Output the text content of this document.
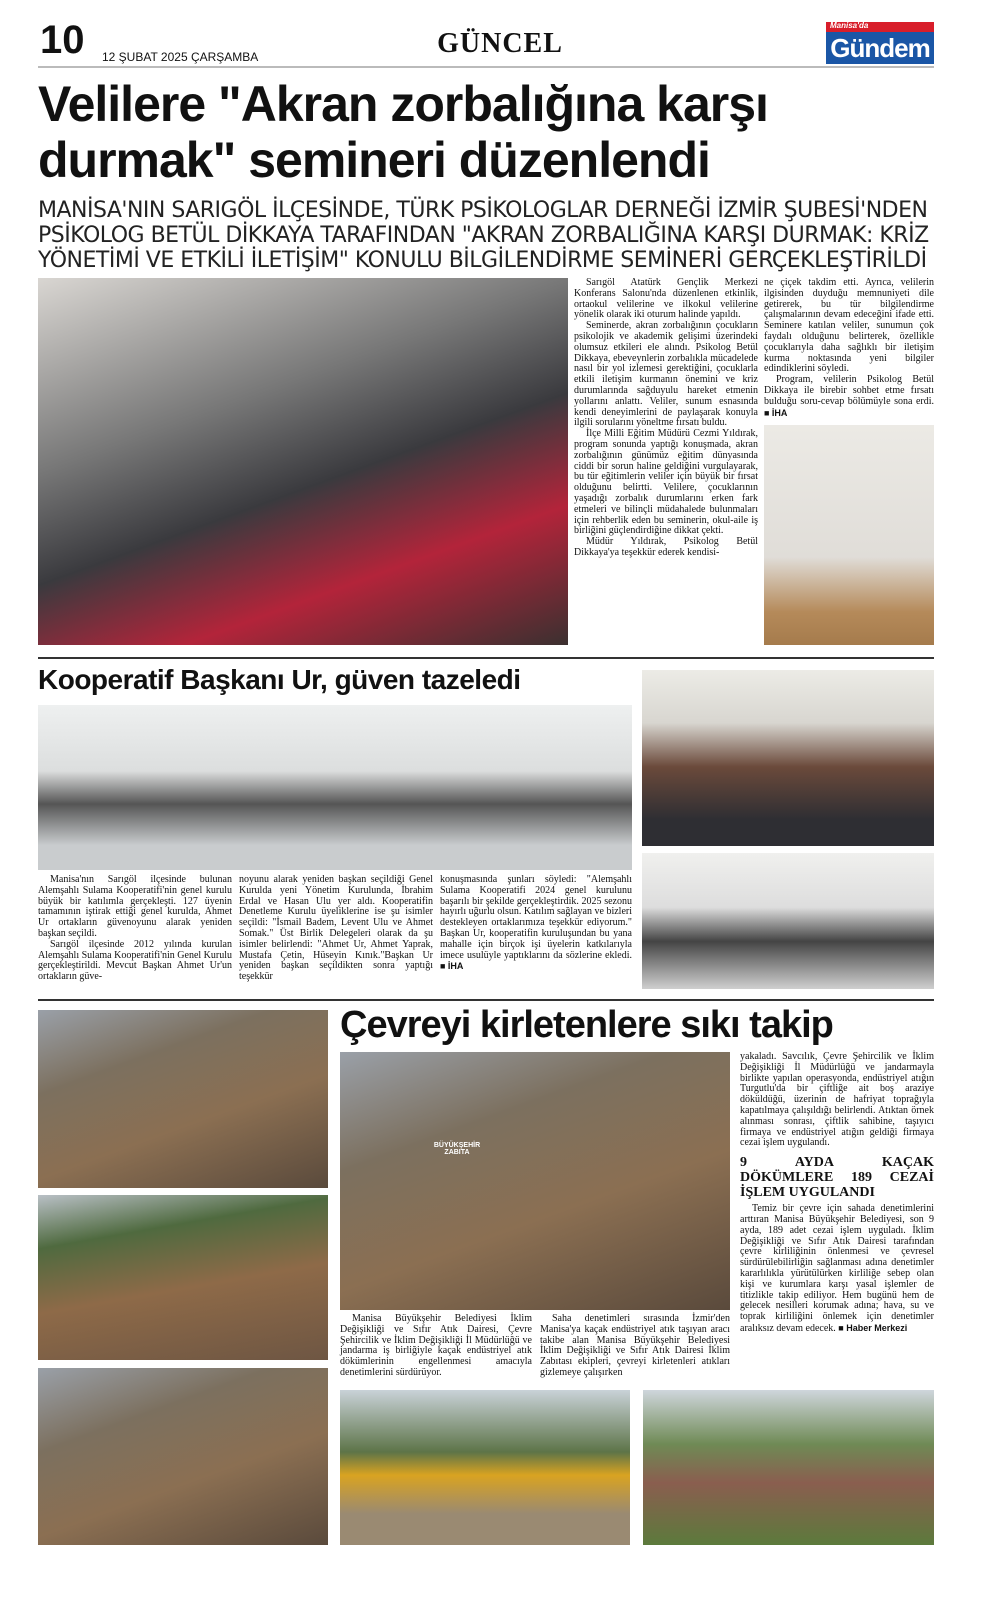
10 12 ŞUBAT 2025 ÇARŞAMBA	GÜNCEL
Manisa'da
Gündem
Velilere "Akran zorbalığına karşı durmak" semineri düzenlendi
MANİSA'NIN SARIGÖL İLÇESİNDE, TÜRK PSİKOLOGLAR DERNEĞİ İZMİR ŞUBESİ'NDEN PSİKOLOG BETÜL DİKKAYA TARAFINDAN "AKRAN ZORBALIĞINA KARŞI DURMAK: KRİZ YÖNETİMİ VE ETKİLİ İLETİŞİM" KONULU BİLGİLENDİRME SEMİNERİ GERÇEKLEŞTİRİLDİ

Sarıgöl Atatürk Gençlik Merkezi Konferans Salonu'nda düzenlenen etkinlik, ortaokul velilerine ve ilkokul velilerine yönelik olarak iki oturum halinde yapıldı.

Seminerde, akran zorbalığının çocukların psikolojik ve akademik gelişimi üzerindeki olumsuz etkileri ele alındı. Psikolog Betül Dikkaya, ebeveynlerin zorbalıkla mücadelede nasıl bir yol izlemesi gerektiğini, çocuklarla etkili iletişim kurmanın önemini ve kriz durumlarında sağduyulu hareket etmenin yollarını anlattı. Veliler, sunum esnasında kendi deneyimlerini de paylaşarak konuyla ilgili sorularını yöneltme fırsatı buldu.

İlçe Milli Eğitim Müdürü Cezmi Yıldırak, program sonunda yaptığı konuşmada, akran zorbalığının günümüz eğitim dünyasında ciddi bir sorun haline geldiğini vurgulayarak, bu tür eğitimlerin veliler için büyük bir fırsat olduğunu belirtti. Velilere, çocuklarının yaşadığı zorbalık durumlarını erken fark etmeleri ve bilinçli müdahalede bulunmaları için rehberlik eden bu seminerin, okul-aile iş birliğini güçlendirdiğine dikkat çekti.

Müdür Yıldırak, Psikolog Betül Dikkaya'ya teşekkür ederek kendisi-

ne çiçek takdim etti. Ayrıca, velilerin ilgisinden duyduğu memnuniyeti dile getirerek, bu tür bilgilendirme çalışmalarının devam edeceğini ifade etti. Seminere katılan veliler, sunumun çok faydalı olduğunu belirterek, özellikle çocuklarıyla daha sağlıklı bir iletişim kurma noktasında yeni bilgiler edindiklerini söyledi.

Program, velilerin Psikolog Betül Dikkaya ile birebir sohbet etme fırsatı bulduğu soru-cevap bölümüyle sona erdi. ■ İHA

Kooperatif Başkanı Ur, güven tazeledi

Manisa'nın Sarıgöl ilçesinde bulunan Alemşahlı Sulama Kooperatifi'nin genel kurulu büyük bir katılımla gerçekleşti. 127 üyenin tamamının iştirak ettiği genel kurulda, Ahmet Ur ortakların güvenoyunu alarak yeniden başkan seçildi.

Sarıgöl ilçesinde 2012 yılında kurulan Alemşahlı Sulama Kooperatifi'nin Genel Kurulu gerçekleştirildi. Mevcut Başkan Ahmet Ur'un ortakların güve-

noyunu alarak yeniden başkan seçildiği Genel Kurulda yeni Yönetim Kurulunda, İbrahim Erdal ve Hasan Ulu yer aldı. Kooperatifin Denetleme Kurulu üyeliklerine ise şu isimler seçildi: "İsmail Badem, Levent Ulu ve Ahmet Somak." Üst Birlik Delegeleri olarak da şu isimler belirlendi: "Ahmet Ur, Ahmet Yaprak, Mustafa Çetin, Hüseyin Kınık."Başkan Ur yeniden başkan seçildikten sonra yaptığı teşekkür

konuşmasında şunları söyledi: "Alemşahlı Sulama Kooperatifi 2024 genel kurulunu başarılı bir şekilde gerçekleştirdik. 2025 sezonu hayırlı uğurlu olsun. Katılım sağlayan ve bizleri destekleyen ortaklarımıza teşekkür ediyorum." Başkan Ur, kooperatifin kuruluşundan bu yana mahalle için birçok işi üyelerin katkılarıyla imece usulüyle yaptıklarını da sözlerine ekledi. ■ İHA

Çevreyi kirletenlere sıkı takip
BÜYÜKŞEHİR ZABITA

Manisa Büyükşehir Belediyesi İklim Değişikliği ve Sıfır Atık Dairesi, Çevre Şehircilik ve İklim Değişikliği İl Müdürlüğü ve jandarma iş birliğiyle kaçak endüstriyel atık dökümlerinin engellenmesi amacıyla denetimlerini sürdürüyor.

Saha denetimleri sırasında İzmir'den Manisa'ya kaçak endüstriyel atık taşıyan aracı takibe alan Manisa Büyükşehir Belediyesi İklim Değişikliği ve Sıfır Atık Dairesi İklim Zabıtası ekipleri, çevreyi kirletenleri atıkları gizlemeye çalışırken

yakaladı. Savcılık, Çevre Şehircilik ve İklim Değişikliği İl Müdürlüğü ve jandarmayla birlikte yapılan operasyonda, endüstriyel atığın Turgutlu'da bir çiftliğe ait boş araziye döküldüğü, üzerinin de hafriyat toprağıyla kapatılmaya çalışıldığı belirlendi. Atıktan örnek alınması sonrası, çiftlik sahibine, taşıyıcı firmaya ve endüstriyel atığın geldiği firmaya cezai işlem uygulandı.

9 AYDA KAÇAK DÖKÜMLERE 189 CEZAİ İŞLEM UYGULANDI

Temiz bir çevre için sahada denetimlerini arttıran Manisa Büyükşehir Belediyesi, son 9 ayda, 189 adet cezai işlem uyguladı. İklim Değişikliği ve Sıfır Atık Dairesi tarafından çevre kirliliğinin önlenmesi ve çevresel sürdürülebilirliğin sağlanması adına denetimler kararlılıkla yürütülürken kirliliğe sebep olan kişi ve kurumlara karşı yasal işlemler de titizlikle takip ediliyor. Hem bugünü hem de gelecek nesilleri korumak adına; hava, su ve toprak kirliliğini önlemek için denetimler aralıksız devam edecek. ■ Haber Merkezi
